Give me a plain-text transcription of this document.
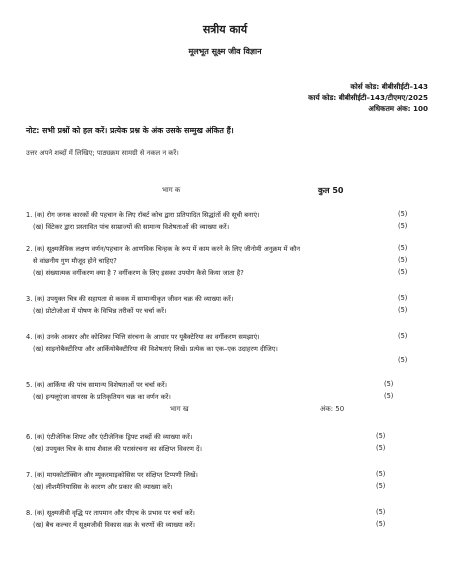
सत्रीय कार्य
मूलभूत सूक्ष्म जीव विज्ञान
कोर्स कोड: बीबीसीईटी–143
कार्य कोड: बीबीसीईटी–143/टीएमए/2025
अधिकतम अंक: 100
नोट: सभी प्रश्नों को हल करें। प्रत्येक प्रश्न के अंक उसके सम्मुख अंकित हैं।
उत्तर अपने शब्दों में लिखिए; पाठ्यक्रम सामग्री से नकल न करें।
भाग क	कुल 50
1. (क) रोग जनक कारकों की पहचान के लिए रॉबर्ट कोच द्वारा प्रतिपादित सिद्धांतों की सूची बनाएं।	(5)
(ख) विंटेकर द्वारा प्रस्तावित पांच साम्राज्यों की सामान्य विशेषताओं की व्याख्या करें।	(5)
2. (क) सूक्ष्मजैविक लक्षण वर्णन/पहचान के आणविक चिन्हक के रूप में काम करने के लिए जीनोमी अनुक्रम में कौन	(5)
से वांछनीय गुण मौजूद होने चाहिए?	(5)
(ख) संख्यात्मक वर्गीकरण क्या है ? वर्गीकरण के लिए इसका उपयोग कैसे किया जाता है?	(5)
3. (क) उपयुक्त चित्र की सहायता से कवक में सामान्यीकृत जीवन चक्र की व्याख्या करें।	(5)
(ख) प्रोटोजोआ में पोषण के विभिन्न तरीकों पर चर्चा करें।	(5)
4. (क) उनके आकार और कोशिका भित्ति संरचना के आधार पर यूबैक्टेरिया का वर्गीकरण समझाएं।	(5)
(ख) साइनोबैक्टीरिया और आर्कियोबैक्टीरिया की विशेषताएं लिखें। प्रत्येक का एक–एक उदाहरण दीजिए।
(5)
5. (क) आर्किया की पांच सामान्य विशेषताओं पर चर्चा करें।	(5)
(ख) इन्फ्लूएंजा वायरस के प्रतिकृतियन चक्र का वर्णन करें।	(5)
भाग ख	अंक: 50
6. (क) एंटीजेनिक शिफ्ट और एंटीजेनिक ड्रिफ्ट शब्दों की व्याख्या करें।	(5)
(ख) उपयुक्त चित्र के साथ शैवाल की परासंरचना का संक्षिप्त विवरण दें।	(5)
7. (क) मायकोटॉक्सिन और म्यूकरमाइकोसिस पर संक्षिप्त टिप्पणी लिखें।	(5)
(ख) लीशमैनियासिस के कारण और प्रकार की व्याख्या करें।	(5)
8. (क) सूक्ष्मजीवी वृद्धि पर तापमान और पीएच के प्रभाव पर चर्चा करें।	(5)
(ख) बैच कल्चर में सूक्ष्मजीवी विकास वक्र के चरणों की व्याख्या करें।	(5)
